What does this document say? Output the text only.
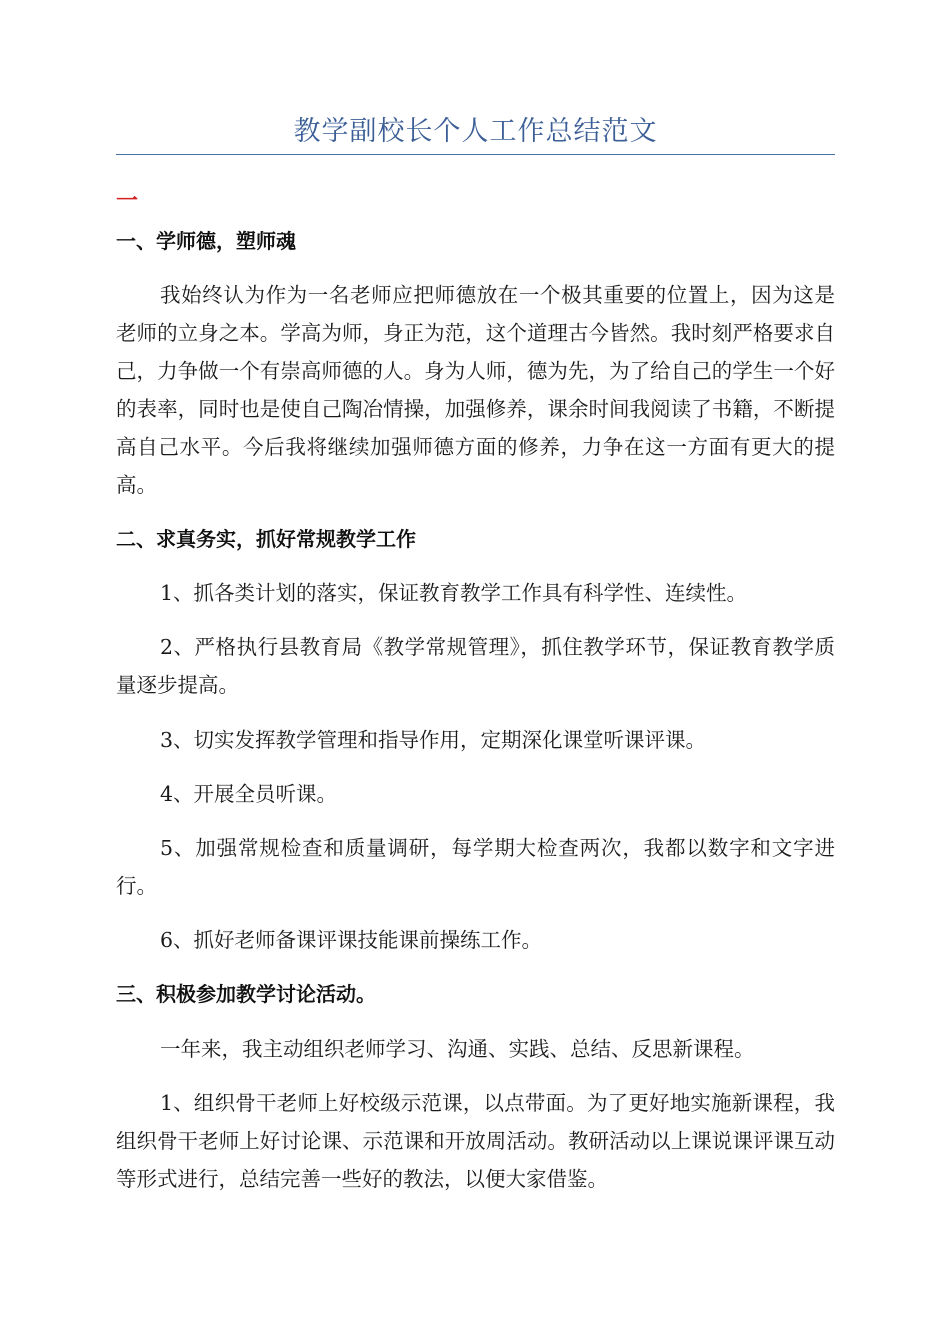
教学副校长个人工作总结范文
一
一、学师德，塑师魂
我始终认为作为一名老师应把师德放在一个极其重要的位置上，因为这是老师的立身之本。学高为师，身正为范，这个道理古今皆然。我时刻严格要求自己，力争做一个有崇高师德的人。身为人师，德为先，为了给自己的学生一个好的表率，同时也是使自己陶冶情操，加强修养，课余时间我阅读了书籍，不断提高自己水平。今后我将继续加强师德方面的修养，力争在这一方面有更大的提高。
二、求真务实，抓好常规教学工作
1、抓各类计划的落实，保证教育教学工作具有科学性、连续性。
2、严格执行县教育局《教学常规管理》，抓住教学环节，保证教育教学质量逐步提高。
3、切实发挥教学管理和指导作用，定期深化课堂听课评课。
4、开展全员听课。
5、加强常规检查和质量调研，每学期大检查两次，我都以数字和文字进行。
6、抓好老师备课评课技能课前操练工作。
三、积极参加教学讨论活动。
一年来，我主动组织老师学习、沟通、实践、总结、反思新课程。
1、组织骨干老师上好校级示范课，以点带面。为了更好地实施新课程，我组织骨干老师上好讨论课、示范课和开放周活动。教研活动以上课说课评课互动等形式进行，总结完善一些好的教法，以便大家借鉴。
